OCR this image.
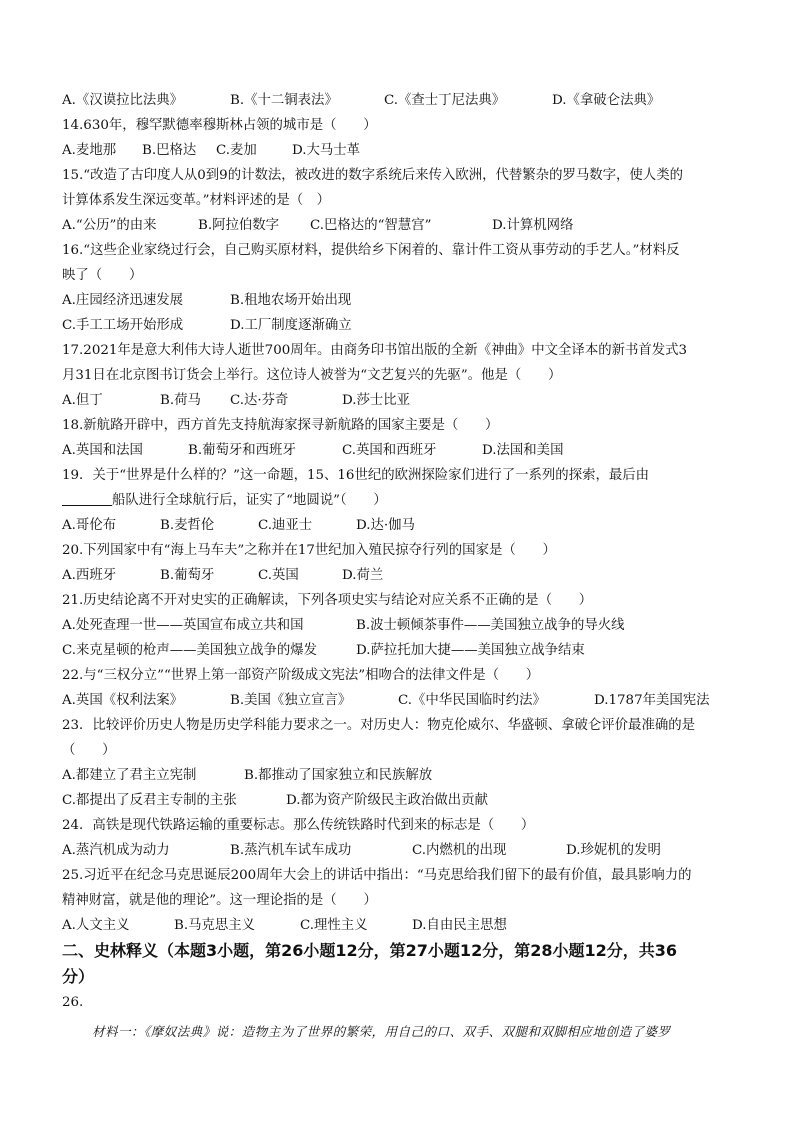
A.《汉谟拉比法典》	B.《十二铜表法》	C.《查士丁尼法典》	D.《拿破仑法典》
14.630年，穆罕默德率穆斯林占领的城市是（　　）
A.麦地那	B.巴格达	C.麦加	D.大马士革
15.“改造了古印度人从0到9的计数法，被改进的数字系统后来传入欧洲，代替繁杂的罗马数字，使人类的
计算体系发生深远变革。”材料评述的是（　）
A.“公历”的由来	B.阿拉伯数字	C.巴格达的“智慧宫”	D.计算机网络
16.“这些企业家绕过行会，自己购买原材料，提供给乡下闲着的、靠计件工资从事劳动的手艺人。”材料反
映了（　　）
A.庄园经济迅速发展	B.租地农场开始出现
C.手工工场开始形成	D.工厂制度逐渐确立
17.2021年是意大利伟大诗人逝世700周年。由商务印书馆出版的全新《神曲》中文全译本的新书首发式3
月31日在北京图书订货会上举行。这位诗人被誉为“文艺复兴的先驱”。他是（　　）
A.但丁	B.荷马	C.达·芬奇	D.莎士比亚
18.新航路开辟中，西方首先支持航海家探寻新航路的国家主要是（　　）
A.英国和法国	B.葡萄牙和西班牙	C.英国和西班牙	D.法国和美国
19．关于“世界是什么样的？”这一命题，15、16世纪的欧洲探险家们进行了一系列的探索，最后由
船队进行全球航行后，证实了“地圆说”（　　）
A.哥伦布	B.麦哲伦	C.迪亚士	D.达·伽马
20.下列国家中有“海上马车夫”之称并在17世纪加入殖民掠夺行列的国家是（　　）
A.西班牙	B.葡萄牙	C.英国	D.荷兰
21.历史结论离不开对史实的正确解读，下列各项史实与结论对应关系不正确的是（　　）
A.处死查理一世——英国宣布成立共和国	B.波士顿倾茶事件——美国独立战争的导火线
C.来克星顿的枪声——美国独立战争的爆发	D.萨拉托加大捷——美国独立战争结束
22.与“三权分立”“世界上第一部资产阶级成文宪法”相吻合的法律文件是（　　）
A.英国《权利法案》	B.美国《独立宣言》	C.《中华民国临时约法》	D.1787年美国宪法
23．比较评价历史人物是历史学科能力要求之一。对历史人：物克伦威尔、华盛顿、拿破仑评价最准确的是
（　　）
A.都建立了君主立宪制	B.都推动了国家独立和民族解放
C.都提出了反君主专制的主张	D.都为资产阶级民主政治做出贡献
24．高铁是现代铁路运输的重要标志。那么传统铁路时代到来的标志是（　　）
A.蒸汽机成为动力	B.蒸汽机车试车成功	C.内燃机的出现	D.珍妮机的发明
25.习近平在纪念马克思诞辰200周年大会上的讲话中指出：“马克思给我们留下的最有价值，最具影响力的
精神财富，就是他的理论”。这一理论指的是（　　）
A.人文主义	B.马克思主义	C.理性主义	D.自由民主思想
二、史林释义（本题3小题，第26小题12分，第27小题12分，第28小题12分，共36
分）
26.
材料一：《摩奴法典》说：造物主为了世界的繁荣，用自己的口、双手、双腿和双脚相应地创造了婆罗
